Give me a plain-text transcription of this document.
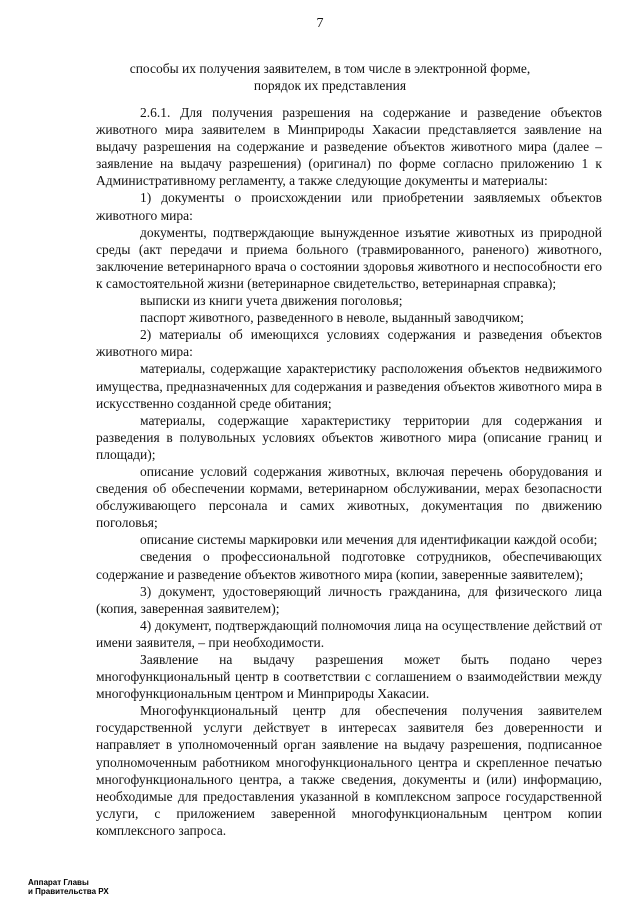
7
способы их получения заявителем, в том числе в электронной форме,
порядок их представления

2.6.1. Для получения разрешения на содержание и разведение объектов животного мира заявителем в Минприроды Хакасии представляется заявление на выдачу разрешения на содержание и разведение объектов животного мира (далее – заявление на выдачу разрешения) (оригинал) по форме согласно приложению 1 к Административному регламенту, а также следующие документы и материалы:

1) документы о происхождении или приобретении заявляемых объектов животного мира:

документы, подтверждающие вынужденное изъятие животных из природной среды (акт передачи и приема больного (травмированного, раненого) животного, заключение ветеринарного врача о состоянии здоровья животного и неспособности его к самостоятельной жизни (ветеринарное свидетельство, ветеринарная справка);

выписки из книги учета движения поголовья;

паспорт животного, разведенного в неволе, выданный заводчиком;

2) материалы об имеющихся условиях содержания и разведения объектов животного мира:

материалы, содержащие характеристику расположения объектов недвижимого имущества, предназначенных для содержания и разведения объектов животного мира в искусственно созданной среде обитания;

материалы, содержащие характеристику территории для содержания и разведения в полувольных условиях объектов животного мира (описание границ и площади);

описание условий содержания животных, включая перечень оборудования и сведения об обеспечении кормами, ветеринарном обслуживании, мерах безопасности обслуживающего персонала и самих животных, документация по движению поголовья;

описание системы маркировки или мечения для идентификации каждой особи;

сведения о профессиональной подготовке сотрудников, обеспечивающих содержание и разведение объектов животного мира (копии, заверенные заявителем);

3) документ, удостоверяющий личность гражданина, для физического лица (копия, заверенная заявителем);

4) документ, подтверждающий полномочия лица на осуществление действий от имени заявителя, – при необходимости.

Заявление на выдачу разрешения может быть подано через многофункциональный центр в соответствии с соглашением о взаимодействии между многофункциональным центром и Минприроды Хакасии.

Многофункциональный центр для обеспечения получения заявителем государственной услуги действует в интересах заявителя без доверенности и направляет в уполномоченный орган заявление на выдачу разрешения, подписанное уполномоченным работником многофункционального центра и скрепленное печатью многофункционального центра, а также сведения, документы и (или) информацию, необходимые для предоставления указанной в комплексном запросе государственной услуги, с приложением заверенной многофункциональным центром копии комплексного запроса.

Аппарат Главы
и Правительства РХ
